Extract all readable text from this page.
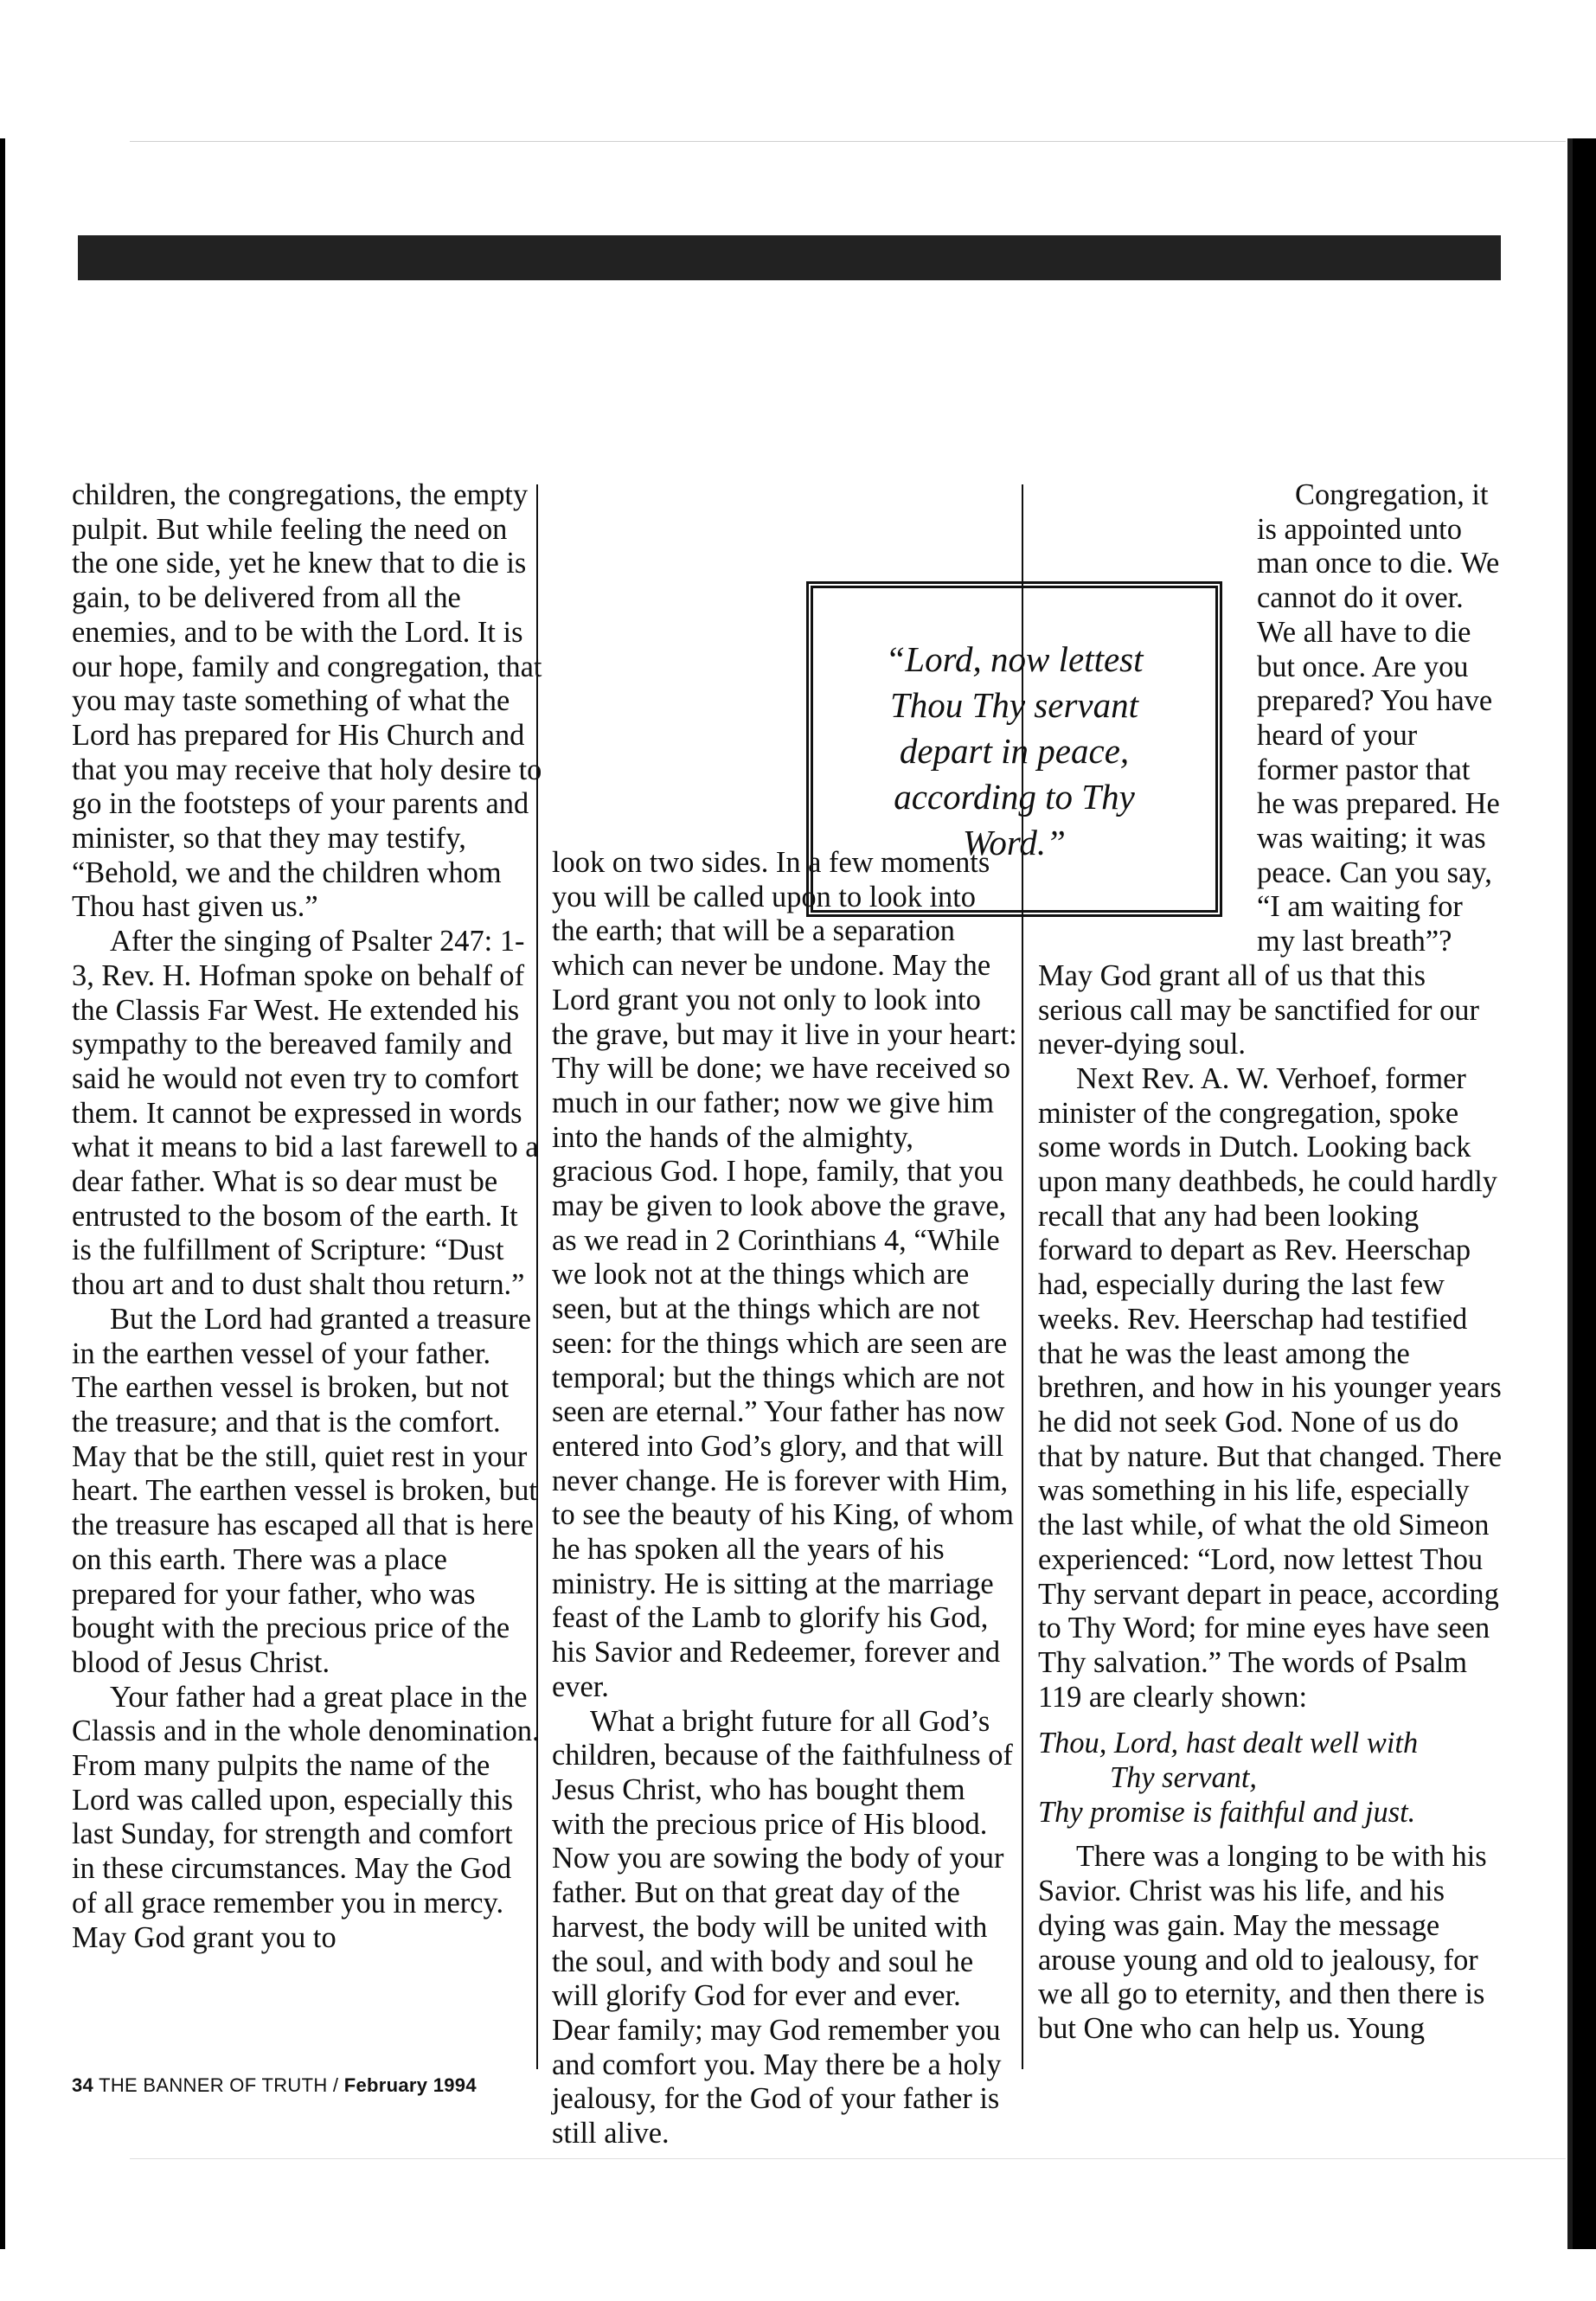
children, the congregations, the empty pulpit. But while feeling the need on the one side, yet he knew that to die is gain, to be delivered from all the enemies, and to be with the Lord. It is our hope, family and congregation, that you may taste something of what the Lord has prepared for His Church and that you may receive that holy desire to go in the footsteps of your parents and minister, so that they may testify, “Behold, we and the children whom Thou hast given us.”

After the singing of Psalter 247: 1-3, Rev. H. Hofman spoke on behalf of the Classis Far West. He extended his sympathy to the bereaved family and said he would not even try to comfort them. It cannot be expressed in words what it means to bid a last farewell to a dear father. What is so dear must be entrusted to the bosom of the earth. It is the fulfillment of Scripture: “Dust thou art and to dust shalt thou return.”

But the Lord had granted a treasure in the earthen vessel of your father. The earthen vessel is broken, but not the treasure; and that is the comfort. May that be the still, quiet rest in your heart. The earthen vessel is broken, but the treasure has escaped all that is here on this earth. There was a place prepared for your father, who was bought with the precious price of the blood of Jesus Christ.

Your father had a great place in the Classis and in the whole denomination. From many pulpits the name of the Lord was called upon, especially this last Sunday, for strength and comfort in these circumstances. May the God of all grace remember you in mercy. May God grant you to

look on two sides. In a few moments you will be called upon to look into the earth; that will be a separation which can never be undone. May the Lord grant you not only to look into the grave, but may it live in your heart: Thy will be done; we have received so much in our father; now we give him into the hands of the almighty, gracious God. I hope, family, that you may be given to look above the grave, as we read in 2 Corinthians 4, “While we look not at the things which are seen, but at the things which are not seen: for the things which are seen are temporal; but the things which are not seen are eternal.” Your father has now entered into God’s glory, and that will never change. He is forever with Him, to see the beauty of his King, of whom he has spoken all the years of his ministry. He is sitting at the marriage feast of the Lamb to glorify his God, his Savior and Redeemer, forever and ever.

What a bright future for all God’s children, because of the faithfulness of Jesus Christ, who has bought them with the precious price of His blood. Now you are sowing the body of your father. But on that great day of the harvest, the body will be united with the soul, and with body and soul he will glorify God for ever and ever. Dear family; may God remember you and comfort you. May there be a holy jealousy, for the God of your father is still alive.

Congregation, it is appointed unto man once to die. We cannot do it over. We all have to die but once. Are you prepared? You have heard of your former pastor that he was prepared. He was waiting; it was peace. Can you say, “I am waiting for my last breath”? May God grant all of us that this serious call may be sanctified for our never-dying soul.

Next Rev. A. W. Verhoef, former minister of the congregation, spoke some words in Dutch. Looking back upon many deathbeds, he could hardly recall that any had been looking forward to depart as Rev. Heerschap had, especially during the last few weeks. Rev. Heerschap had testified that he was the least among the brethren, and how in his younger years he did not seek God. None of us do that by nature. But that changed. There was something in his life, especially the last while, of what the old Simeon experienced: “Lord, now lettest Thou Thy servant depart in peace, according to Thy Word; for mine eyes have seen Thy salvation.” The words of Psalm 119 are clearly shown:

Thou, Lord, hast dealt well with
Thy servant,
Thy promise is faithful and just.

There was a longing to be with his Savior. Christ was his life, and his dying was gain. May the message arouse young and old to jealousy, for we all go to eternity, and then there is but One who can help us. Young

“Lord, now lettest Thou Thy servant depart in peace, according to Thy Word.”
34 THE BANNER OF TRUTH / February 1994
